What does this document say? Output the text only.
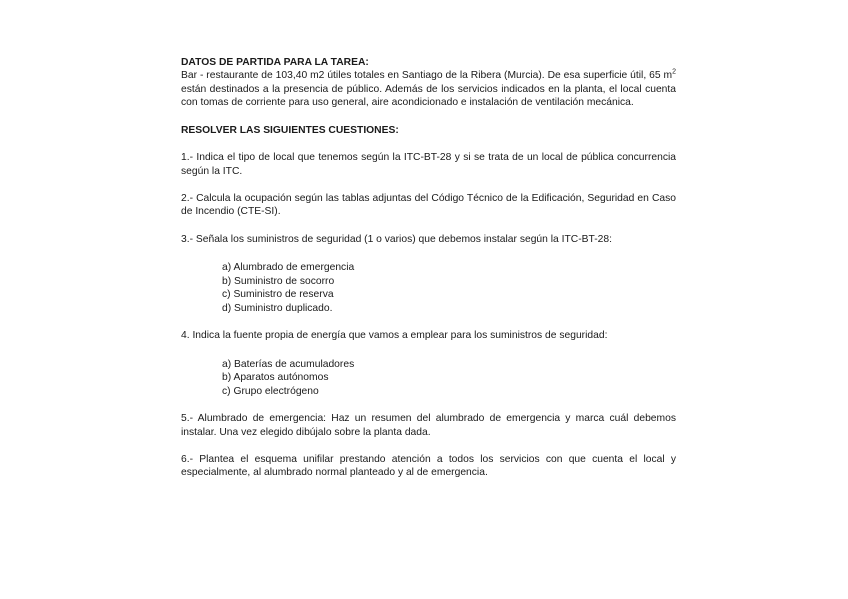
DATOS DE PARTIDA PARA LA TAREA:

Bar - restaurante de 103,40 m2 útiles totales en Santiago de la Ribera (Murcia). De esa superficie útil, 65 $m^2$ están destinados a la presencia de público. Además de los servicios indicados en la planta, el local cuenta con tomas de corriente para uso general, aire acondicionado e instalación de ventilación mecánica.

RESOLVER LAS SIGUIENTES CUESTIONES:

1.- Indica el tipo de local que tenemos según la ITC-BT-28 y si se trata de un local de pública concurrencia según la ITC.

2.- Calcula la ocupación según las tablas adjuntas del Código Técnico de la Edificación, Seguridad en Caso de Incendio (CTE-SI).

3.- Señala los suministros de seguridad (1 o varios) que debemos instalar según la ITC-BT-28:

a) Alumbrado de emergencia
b) Suministro de socorro
c) Suministro de reserva
d) Suministro duplicado.

4. Indica la fuente propia de energía que vamos a emplear para los suministros de seguridad:

a) Baterías de acumuladores
b) Aparatos autónomos
c) Grupo electrógeno

5.- Alumbrado de emergencia: Haz un resumen del alumbrado de emergencia y marca cuál debemos instalar. Una vez elegido dibújalo sobre la planta dada.

6.- Plantea el esquema unifilar prestando atención a todos los servicios con que cuenta el local y especialmente, al alumbrado normal planteado y al de emergencia.
